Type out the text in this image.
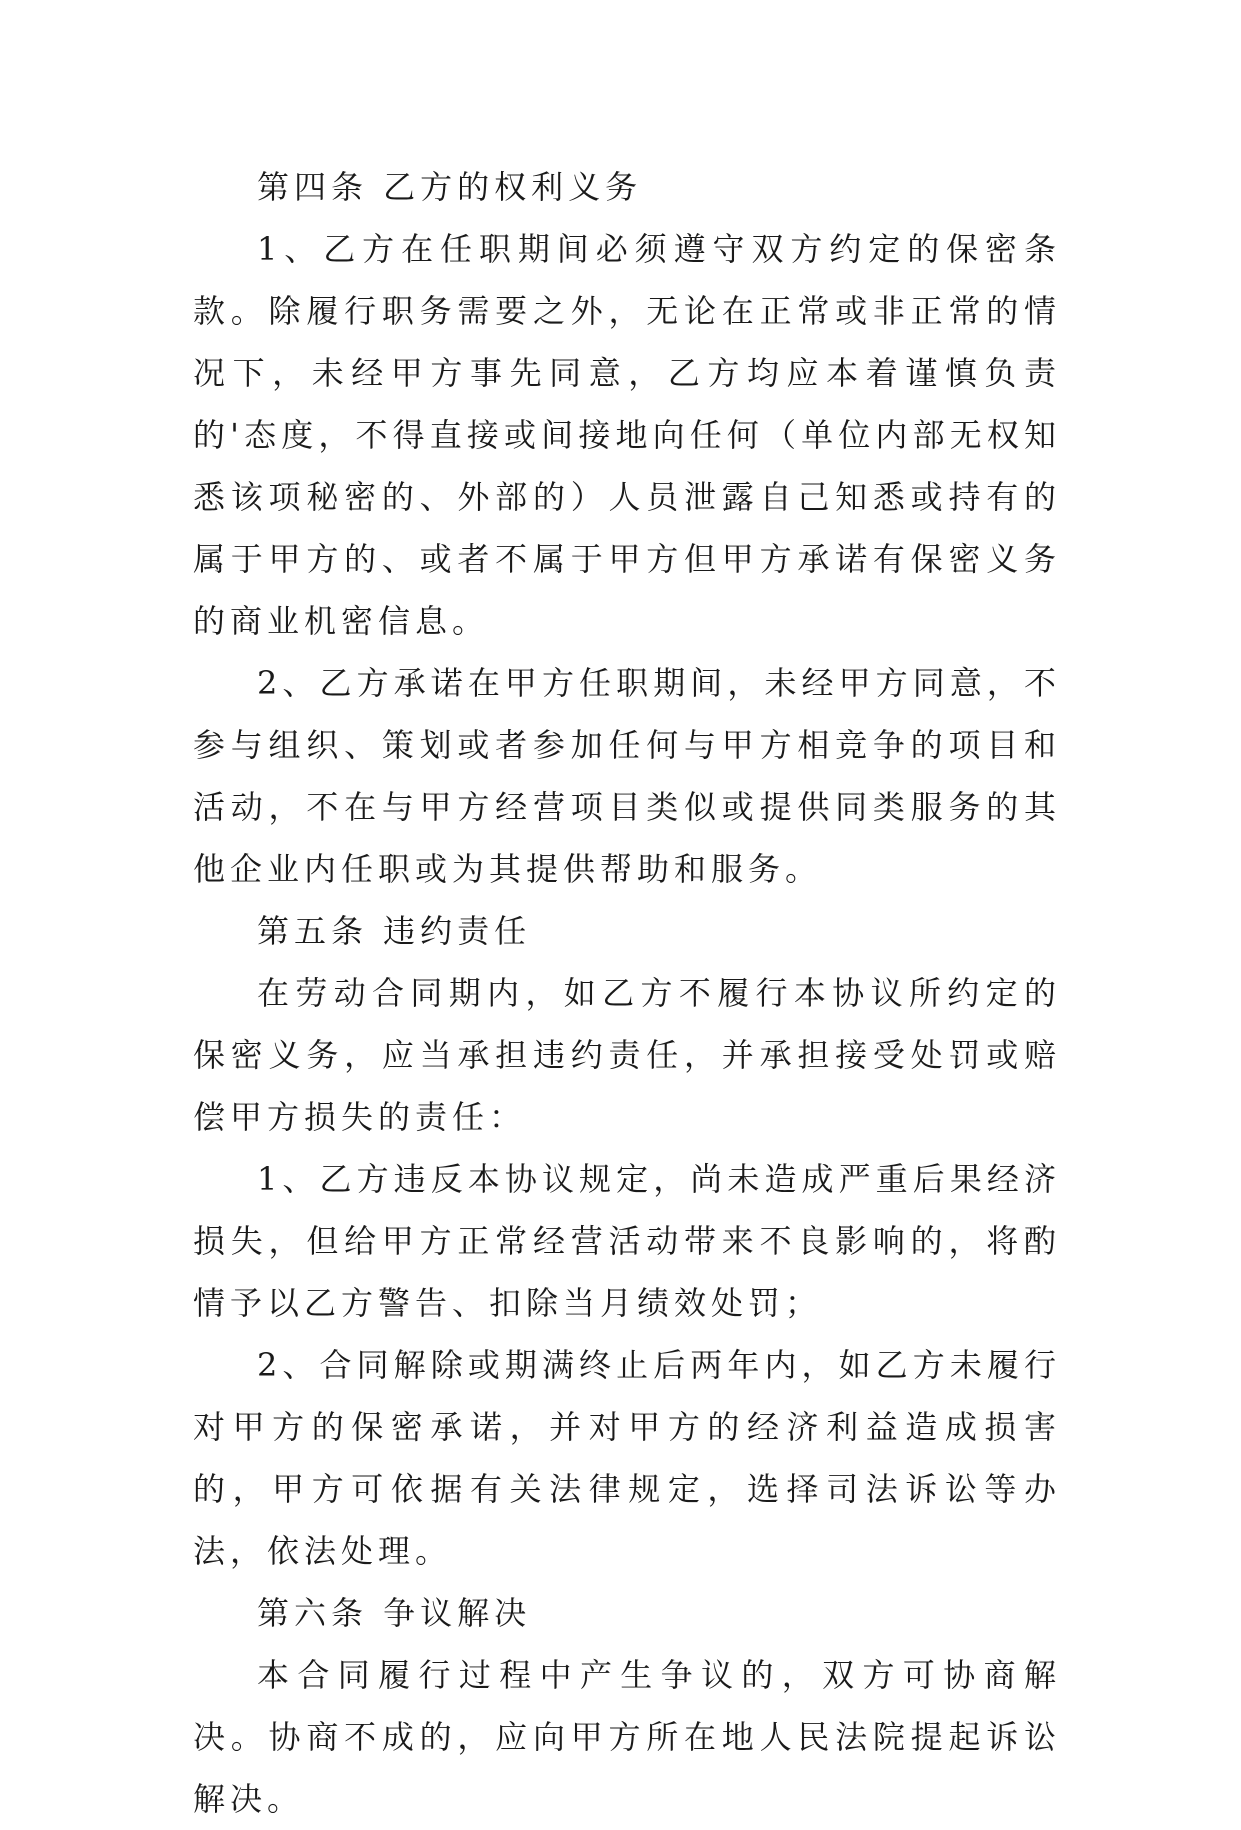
第四条 乙方的权利义务

1、乙方在任职期间必须遵守双方约定的保密条款。除履行职务需要之外，无论在正常或非正常的情况下，未经甲方事先同意，乙方均应本着谨慎负责的'态度，不得直接或间接地向任何（单位内部无权知悉该项秘密的、外部的）人员泄露自己知悉或持有的属于甲方的、或者不属于甲方但甲方承诺有保密义务的商业机密信息。

2、乙方承诺在甲方任职期间，未经甲方同意，不参与组织、策划或者参加任何与甲方相竞争的项目和活动，不在与甲方经营项目类似或提供同类服务的其他企业内任职或为其提供帮助和服务。

第五条 违约责任

在劳动合同期内，如乙方不履行本协议所约定的保密义务，应当承担违约责任，并承担接受处罚或赔偿甲方损失的责任：

1、乙方违反本协议规定，尚未造成严重后果经济损失，但给甲方正常经营活动带来不良影响的，将酌情予以乙方警告、扣除当月绩效处罚；

2、合同解除或期满终止后两年内，如乙方未履行对甲方的保密承诺，并对甲方的经济利益造成损害的，甲方可依据有关法律规定，选择司法诉讼等办法，依法处理。

第六条 争议解决

本合同履行过程中产生争议的，双方可协商解决。协商不成的，应向甲方所在地人民法院提起诉讼解决。
